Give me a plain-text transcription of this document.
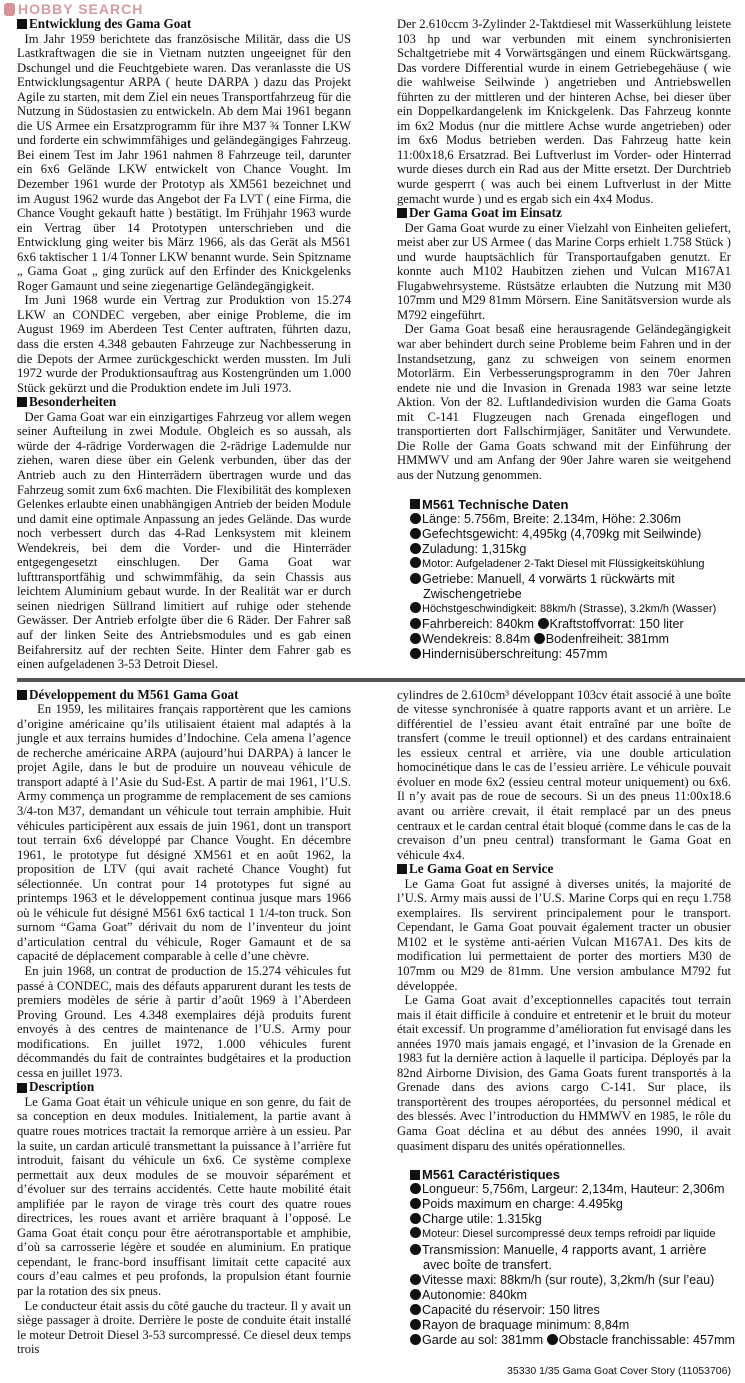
HOBBY SEARCH
Entwicklung des Gama Goat

Im Jahr 1959 berichtete das französische Militär, dass die US Lastkraftwagen die sie in Vietnam nutzten ungeeignet für den Dschungel und die Feuchtgebiete waren. Das veranlasste die US Entwicklungsagentur ARPA ( heute DARPA ) dazu das Projekt Agile zu starten, mit dem Ziel ein neues Transportfahrzeug für die Nutzung in Südostasien zu entwickeln. Ab dem Mai 1961 begann die US Armee ein Ersatzprogramm für ihre M37 ¾ Tonner LKW und forderte ein schwimmfähiges und geländegängiges Fahrzeug. Bei einem Test im Jahr 1961 nahmen 8 Fahrzeuge teil, darunter ein 6x6 Gelände LKW entwickelt von Chance Vought. Im Dezember 1961 wurde der Prototyp als XM561 bezeichnet und im August 1962 wurde das Angebot der Fa LVT ( eine Firma, die Chance Vought gekauft hatte ) bestätigt. Im Frühjahr 1963 wurde ein Vertrag über 14 Prototypen unterschrieben und die Entwicklung ging weiter bis März 1966, als das Gerät als M561 6x6 taktischer 1 1/4 Tonner LKW benannt wurde. Sein Spitzname „ Gama Goat „ ging zurück auf den Erfinder des Knickgelenks Roger Gamaunt und seine ziegenartige Geländegängigkeit.

Im Juni 1968 wurde ein Vertrag zur Produktion von 15.274 LKW an CONDEC vergeben, aber einige Probleme, die im August 1969 im Aberdeen Test Center auftraten, führten dazu, dass die ersten 4.348 gebauten Fahrzeuge zur Nachbesserung in die Depots der Armee zurückgeschickt werden mussten. Im Juli 1972 wurde der Produktionsauftrag aus Kostengründen um 1.000 Stück gekürzt und die Produktion endete im Juli 1973.

Besonderheiten

Der Gama Goat war ein einzigartiges Fahrzeug vor allem wegen seiner Aufteilung in zwei Module. Obgleich es so aussah, als würde der 4-rädrige Vorderwagen die 2-rädrige Lademulde nur ziehen, waren diese über ein Gelenk verbunden, über das der Antrieb auch zu den Hinterrädern übertragen wurde und das Fahrzeug somit zum 6x6 machten. Die Flexibilität des komplexen Gelenkes erlaubte einen unabhängigen Antrieb der beiden Module und damit eine optimale Anpassung an jedes Gelände. Das wurde noch verbessert durch das 4-Rad Lenksystem mit kleinem Wendekreis, bei dem die Vorder- und die Hinterräder entgegengesetzt einschlugen. Der Gama Goat war lufttransportfähig und schwimmfähig, da sein Chassis aus leichtem Aluminium gebaut wurde. In der Realität war er durch seinen niedrigen Süllrand limitiert auf ruhige oder stehende Gewässer. Der Antrieb erfolgte über die 6 Räder. Der Fahrer saß auf der linken Seite des Antriebsmodules und es gab einen Beifahrersitz auf der rechten Seite. Hinter dem Fahrer gab es einen aufgeladenen 3-53 Detroit Diesel.

Der 2.610ccm 3-Zylinder 2-Taktdiesel mit Wasserkühlung leistete 103 hp und war verbunden mit einem synchronisierten Schaltgetriebe mit 4 Vorwärtsgängen und einem Rückwärtsgang. Das vordere Differential wurde in einem Getriebegehäuse ( wie die wahlweise Seilwinde ) angetrieben und Antriebswellen führten zu der mittleren und der hinteren Achse, bei dieser über ein Doppelkardangelenk im Knickgelenk. Das Fahrzeug konnte im 6x2 Modus (nur die mittlere Achse wurde angetrieben) oder im 6x6 Modus betrieben werden. Das Fahrzeug hatte kein 11:00x18,6 Ersatzrad. Bei Luftverlust im Vorder- oder Hinterrad wurde dieses durch ein Rad aus der Mitte ersetzt. Der Durchtrieb wurde gesperrt ( was auch bei einem Luftverlust in der Mitte gemacht wurde ) und es ergab sich ein 4x4 Modus.

Der Gama Goat im Einsatz

Der Gama Goat wurde zu einer Vielzahl von Einheiten geliefert, meist aber zur US Armee ( das Marine Corps erhielt 1.758 Stück ) und wurde hauptsächlich für Transportaufgaben genutzt. Er konnte auch M102 Haubitzen ziehen und Vulcan M167A1 Flugabwehrsysteme. Rüstsätze erlaubten die Nutzung mit M30 107mm und M29 81mm Mörsern. Eine Sanitätsversion wurde als M792 eingeführt.

Der Gama Goat besaß eine herausragende Geländegängigkeit war aber behindert durch seine Probleme beim Fahren und in der Instandsetzung, ganz zu schweigen von seinem enormen Motorlärm. Ein Verbesserungsprogramm in den 70er Jahren endete nie und die Invasion in Grenada 1983 war seine letzte Aktion. Von der 82. Luftlandedivision wurden die Gama Goats mit C-141 Flugzeugen nach Grenada eingeflogen und transportierten dort Fallschirmjäger, Sanitäter und Verwundete. Die Rolle der Gama Goats schwand mit der Einführung der HMMWV und am Anfang der 90er Jahre waren sie weitgehend aus der Nutzung genommen.

M561 Technische Daten
Länge: 5.756m, Breite: 2.134m, Höhe: 2.306m
Gefechtsgewicht: 4,495kg (4,709kg mit Seilwinde)
Zuladung: 1,315kg
Motor: Aufgeladener 2-Takt Diesel mit Flüssigkeitskühlung
Getriebe: Manuell, 4 vorwärts 1 rückwärts mit
Zwischengetriebe
Höchstgeschwindigkeit: 88km/h (Strasse), 3.2km/h (Wasser)
Fahrbereich: 840km Kraftstoffvorrat: 150 liter
Wendekreis: 8.84m Bodenfreiheit: 381mm
Hindernisüberschreitung: 457mm
Développement du M561 Gama Goat

En 1959, les militaires français rapportèrent que les camions d’origine américaine qu’ils utilisaient étaient mal adaptés à la jungle et aux terrains humides d’Indochine. Cela amena l’agence de recherche américaine ARPA (aujourd’hui DARPA) à lancer le projet Agile, dans le but de produire un nouveau véhicule de transport adapté à l’Asie du Sud-Est. A partir de mai 1961, l’U.S. Army commença un programme de remplacement de ses camions 3/4-ton M37, demandant un véhicule tout terrain amphibie. Huit véhicules participèrent aux essais de juin 1961, dont un transport tout terrain 6x6 développé par Chance Vought. En décembre 1961, le prototype fut désigné XM561 et en août 1962, la proposition de LTV (qui avait racheté Chance Vought) fut sélectionnée. Un contrat pour 14 prototypes fut signé au printemps 1963 et le développement continua jusque mars 1966 où le véhicule fut désigné M561 6x6 tactical 1 1/4-ton truck. Son surnom “Gama Goat” dérivait du nom de l’inventeur du joint d’articulation central du véhicule, Roger Gamaunt et de sa capacité de déplacement comparable à celle d’une chèvre.

En juin 1968, un contrat de production de 15.274 véhicules fut passé à CONDEC, mais des défauts apparurent durant les tests de premiers modèles de série à partir d’août 1969 à l’Aberdeen Proving Ground. Les 4.348 exemplaires déjà produits furent envoyés à des centres de maintenance de l’U.S. Army pour modifications. En juillet 1972, 1.000 véhicules furent décommandés du fait de contraintes budgétaires et la production cessa en juillet 1973.

Description

Le Gama Goat était un véhicule unique en son genre, du fait de sa conception en deux modules. Initialement, la partie avant à quatre roues motrices tractait la remorque arrière à un essieu. Par la suite, un cardan articulé transmettant la puissance à l’arrière fut introduit, faisant du véhicule un 6x6. Ce système complexe permettait aux deux modules de se mouvoir séparément et d’évoluer sur des terrains accidentés. Cette haute mobilité était amplifiée par le rayon de virage très court des quatre roues directrices, les roues avant et arrière braquant à l’opposé. Le Gama Goat était conçu pour être aérotransportable et amphibie, d’où sa carrosserie légère et soudée en aluminium. En pratique cependant, le franc-bord insuffisant limitait cette capacité aux cours d’eau calmes et peu profonds, la propulsion étant fournie par la rotation des six pneus.

Le conducteur était assis du côté gauche du tracteur. Il y avait un siège passager à droite. Derrière le poste de conduite était installé le moteur Detroit Diesel 3-53 surcompressé. Ce diesel deux temps trois

cylindres de 2.610cm³ développant 103cv était associé à une boîte de vitesse synchronisée à quatre rapports avant et un arrière. Le différentiel de l’essieu avant était entraîné par une boîte de transfert (comme le treuil optionnel) et des cardans entrainaient les essieux central et arrière, via une double articulation homocinétique dans le cas de l’essieu arrière. Le véhicule pouvait évoluer en mode 6x2 (essieu central moteur uniquement) ou 6x6. Il n’y avait pas de roue de secours. Si un des pneus 11:00x18.6 avant ou arrière crevait, il était remplacé par un des pneus centraux et le cardan central était bloqué (comme dans le cas de la crevaison d’un pneu central) transformant le Gama Goat en véhicule 4x4.

Le Gama Goat en Service

Le Gama Goat fut assigné à diverses unités, la majorité de l’U.S. Army mais aussi de l’U.S. Marine Corps qui en reçu 1.758 exemplaires. Ils servirent principalement pour le transport. Cependant, le Gama Goat pouvait également tracter un obusier M102 et le système anti-aérien Vulcan M167A1. Des kits de modification lui permettaient de porter des mortiers M30 de 107mm ou M29 de 81mm. Une version ambulance M792 fut développée.

Le Gama Goat avait d’exceptionnelles capacités tout terrain mais il était difficile à conduire et entretenir et le bruit du moteur était excessif. Un programme d’amélioration fut envisagé dans les années 1970 mais jamais engagé, et l’invasion de la Grenade en 1983 fut la dernière action à laquelle il participa. Déployés par la 82nd Airborne Division, des Gama Goats furent transportés à la Grenade dans des avions cargo C-141. Sur place, ils transportèrent des troupes aéroportées, du personnel médical et des blessés. Avec l’introduction du HMMWV en 1985, le rôle du Gama Goat déclina et au début des années 1990, il avait quasiment disparu des unités opérationnelles.

M561 Caractéristiques
Longueur: 5,756m, Largeur: 2,134m, Hauteur: 2,306m
Poids maximum en charge: 4.495kg
Charge utile: 1.315kg
Moteur: Diesel surcompressé deux temps refroidi par liquide
Transmission: Manuelle, 4 rapports avant, 1 arrière
avec boîte de transfert.
Vitesse maxi: 88km/h (sur route), 3,2km/h (sur l’eau)
Autonomie: 840km
Capacité du réservoir: 150 litres
Rayon de braquage minimum: 8,84m
Garde au sol: 381mm Obstacle franchissable: 457mm
35330 1/35 Gama Goat Cover Story (11053706)
